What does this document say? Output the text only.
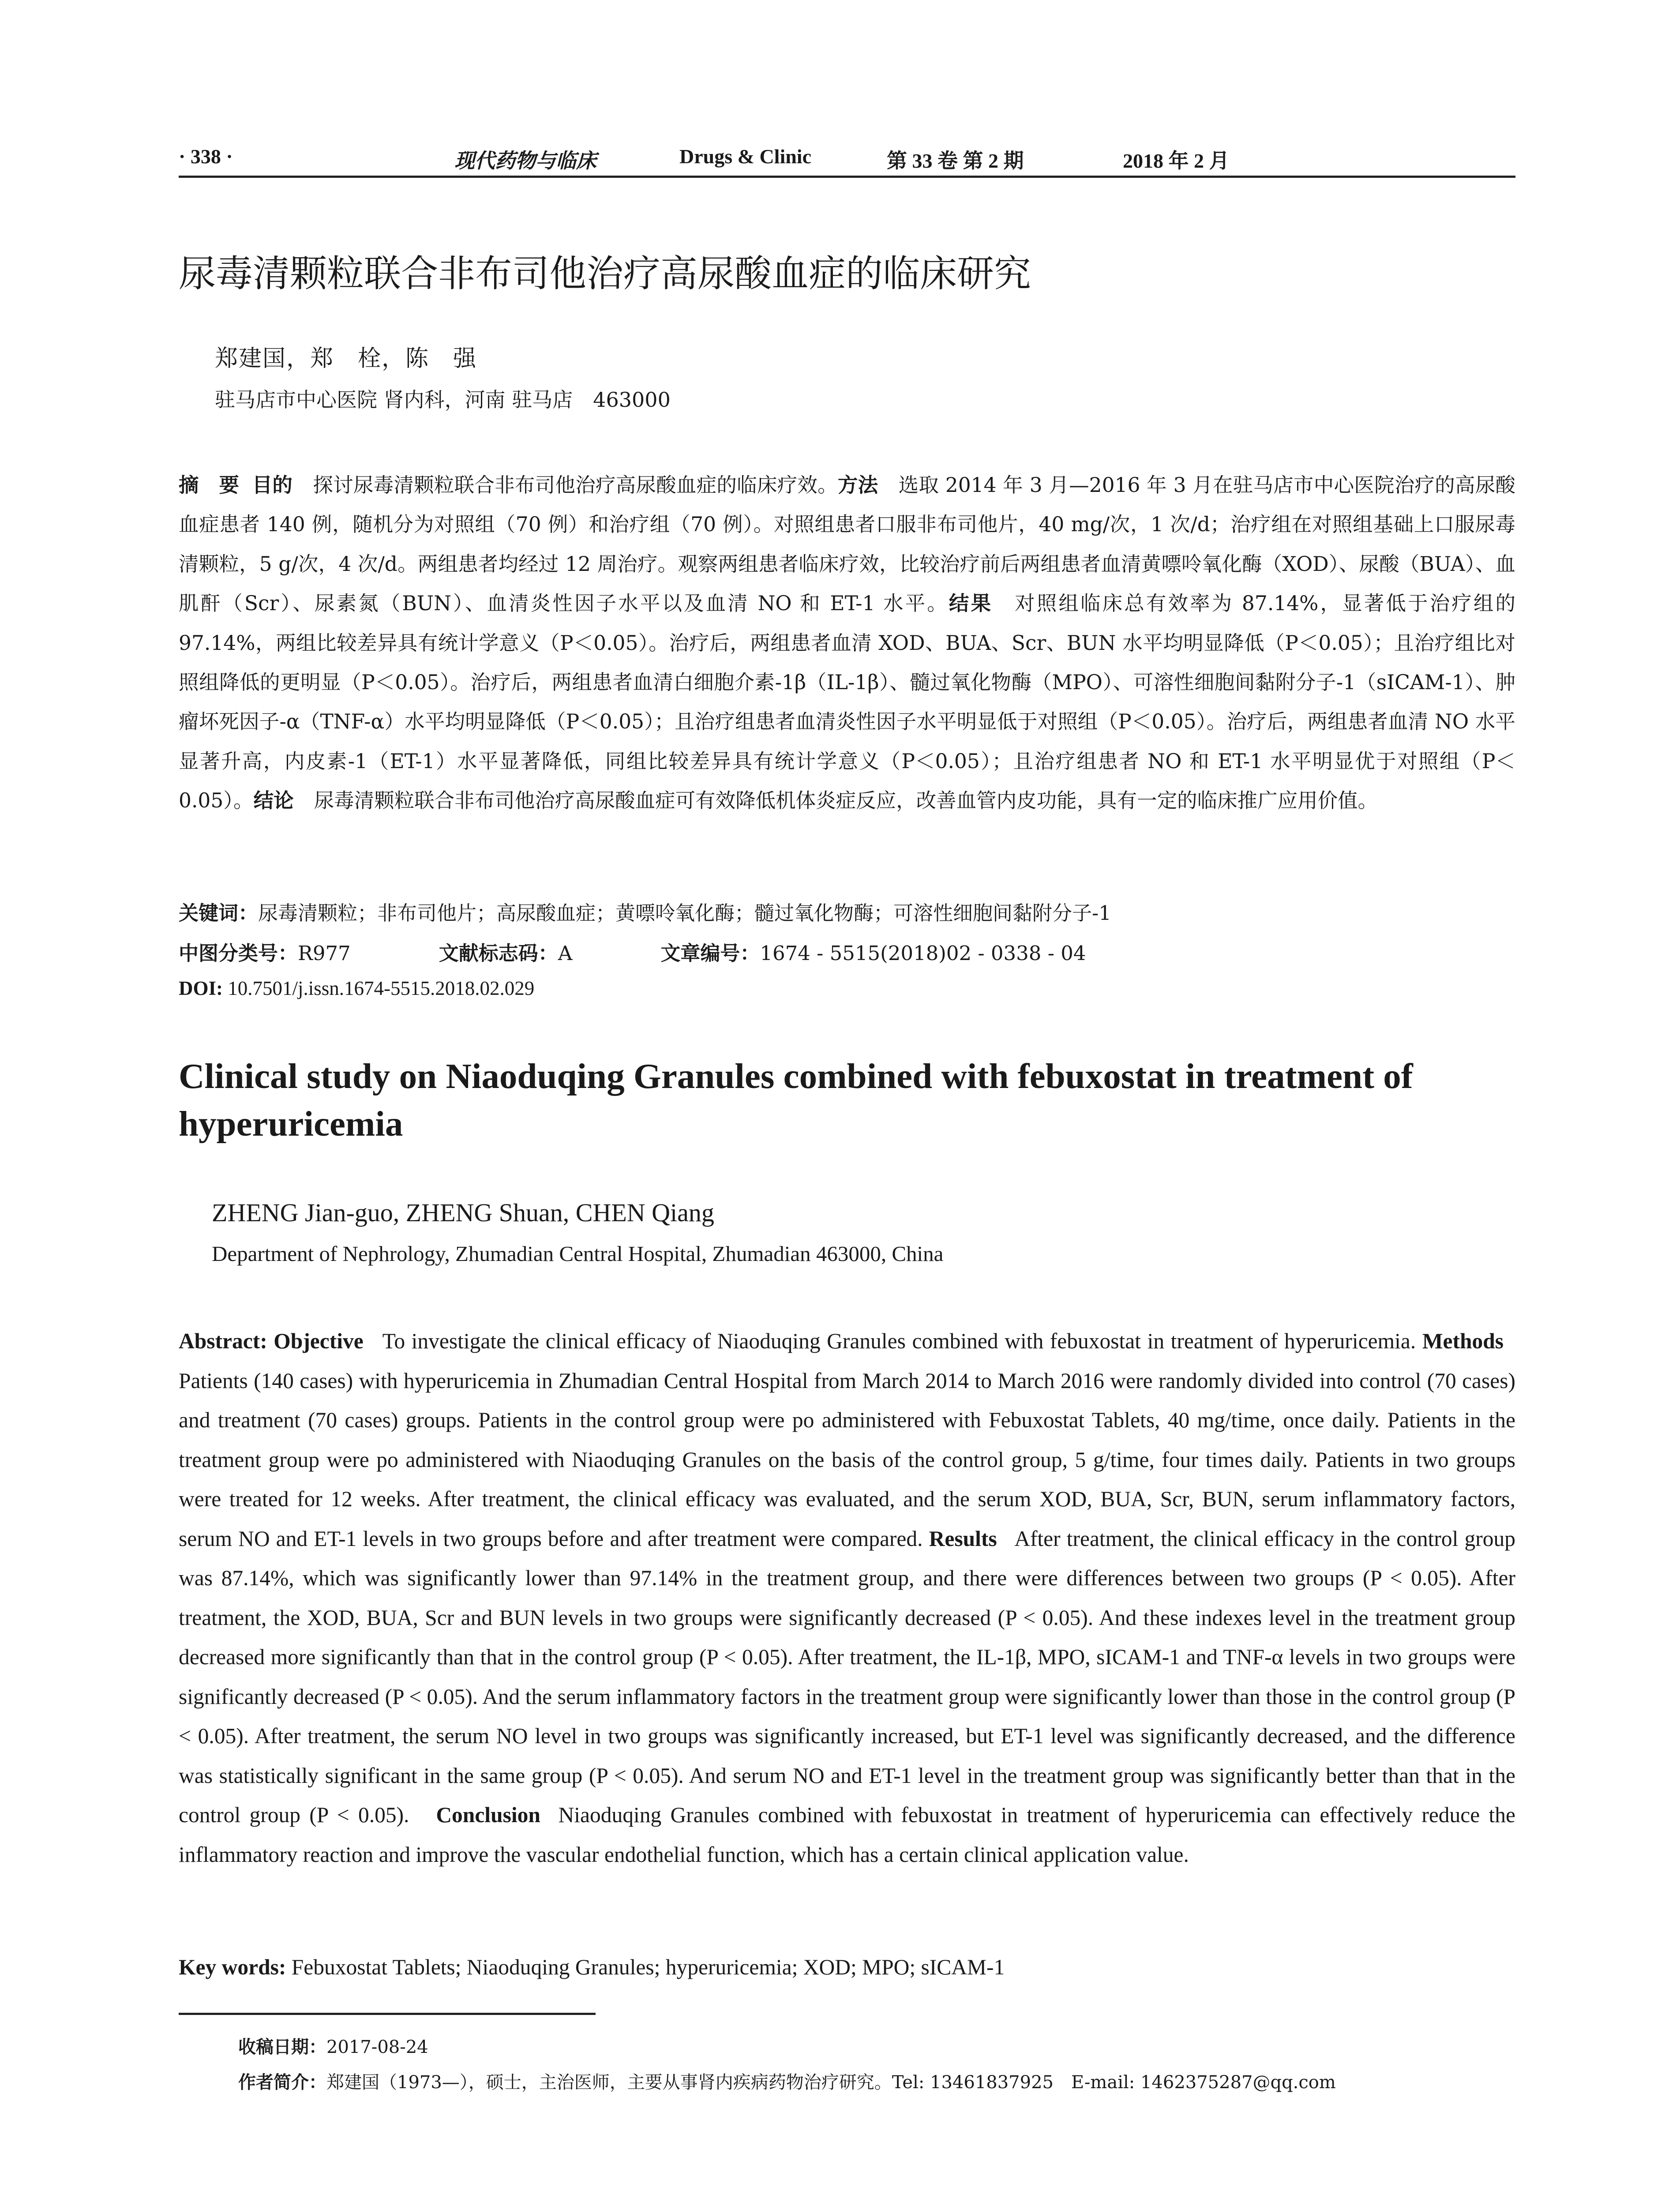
· 338 ·	现代药物与临床	Drugs & Clinic	第 33 卷 第 2 期	2018 年 2 月
尿毒清颗粒联合非布司他治疗高尿酸血症的临床研究
郑建国，郑　栓，陈　强
驻马店市中心医院 肾内科，河南 驻马店　463000
摘　要 目的 探讨尿毒清颗粒联合非布司他治疗高尿酸血症的临床疗效。方法 选取 2014 年 3 月—2016 年 3 月在驻马店市中心医院治疗的高尿酸血症患者 140 例，随机分为对照组（70 例）和治疗组（70 例）。对照组患者口服非布司他片，40 mg/次，1 次/d；治疗组在对照组基础上口服尿毒清颗粒，5 g/次，4 次/d。两组患者均经过 12 周治疗。观察两组患者临床疗效，比较治疗前后两组患者血清黄嘌呤氧化酶（XOD）、尿酸（BUA）、血肌酐（Scr）、尿素氮（BUN）、血清炎性因子水平以及血清 NO 和 ET-1 水平。结果 对照组临床总有效率为 87.14%，显著低于治疗组的 97.14%，两组比较差异具有统计学意义（P＜0.05）。治疗后，两组患者血清 XOD、BUA、Scr、BUN 水平均明显降低（P＜0.05）；且治疗组比对照组降低的更明显（P＜0.05）。治疗后，两组患者血清白细胞介素-1β（IL-1β）、髓过氧化物酶（MPO）、可溶性细胞间黏附分子-1（sICAM-1）、肿瘤坏死因子-α（TNF-α）水平均明显降低（P＜0.05）；且治疗组患者血清炎性因子水平明显低于对照组（P＜0.05）。治疗后，两组患者血清 NO 水平显著升高，内皮素-1（ET-1）水平显著降低，同组比较差异具有统计学意义（P＜0.05）；且治疗组患者 NO 和 ET-1 水平明显优于对照组（P＜0.05）。结论 尿毒清颗粒联合非布司他治疗高尿酸血症可有效降低机体炎症反应，改善血管内皮功能，具有一定的临床推广应用价值。
关键词：尿毒清颗粒；非布司他片；高尿酸血症；黄嘌呤氧化酶；髓过氧化物酶；可溶性细胞间黏附分子-1
中图分类号：R977	文献标志码：A	文章编号：1674 - 5515(2018)02 - 0338 - 04
DOI: 10.7501/j.issn.1674-5515.2018.02.029
Clinical study on Niaoduqing Granules combined with febuxostat in treatment of hyperuricemia
ZHENG Jian-guo, ZHENG Shuan, CHEN Qiang
Department of Nephrology, Zhumadian Central Hospital, Zhumadian 463000, China
Abstract: Objective To investigate the clinical efficacy of Niaoduqing Granules combined with febuxostat in treatment of hyperuricemia. Methods   Patients (140 cases) with hyperuricemia in Zhumadian Central Hospital from March 2014 to March 2016 were randomly divided into control (70 cases) and treatment (70 cases) groups. Patients in the control group were po administered with Febuxostat Tablets, 40 mg/time, once daily. Patients in the treatment group were po administered with Niaoduqing Granules on the basis of the control group, 5 g/time, four times daily. Patients in two groups were treated for 12 weeks. After treatment, the clinical efficacy was evaluated, and the serum XOD, BUA, Scr, BUN, serum inflammatory factors, serum NO and ET-1 levels in two groups before and after treatment were compared. Results After treatment, the clinical efficacy in the control group was 87.14%, which was significantly lower than 97.14% in the treatment group, and there were differences between two groups (P < 0.05). After treatment, the XOD, BUA, Scr and BUN levels in two groups were significantly decreased (P < 0.05). And these indexes level in the treatment group decreased more significantly than that in the control group (P < 0.05). After treatment, the IL-1β, MPO, sICAM-1 and TNF-α levels in two groups were significantly decreased (P < 0.05). And the serum inflammatory factors in the treatment group were significantly lower than those in the control group (P < 0.05). After treatment, the serum NO level in two groups was significantly increased, but ET-1 level was significantly decreased, and the difference was statistically significant in the same group (P < 0.05). And serum NO and ET-1 level in the treatment group was significantly better than that in the control group (P < 0.05). Conclusion Niaoduqing Granules combined with febuxostat in treatment of hyperuricemia can effectively reduce the inflammatory reaction and improve the vascular endothelial function, which has a certain clinical application value.
Key words: Febuxostat Tablets; Niaoduqing Granules; hyperuricemia; XOD; MPO; sICAM-1
收稿日期：2017-08-24
作者简介：郑建国（1973—），硕士，主治医师，主要从事肾内疾病药物治疗研究。Tel: 13461837925　E-mail: 1462375287@qq.com
